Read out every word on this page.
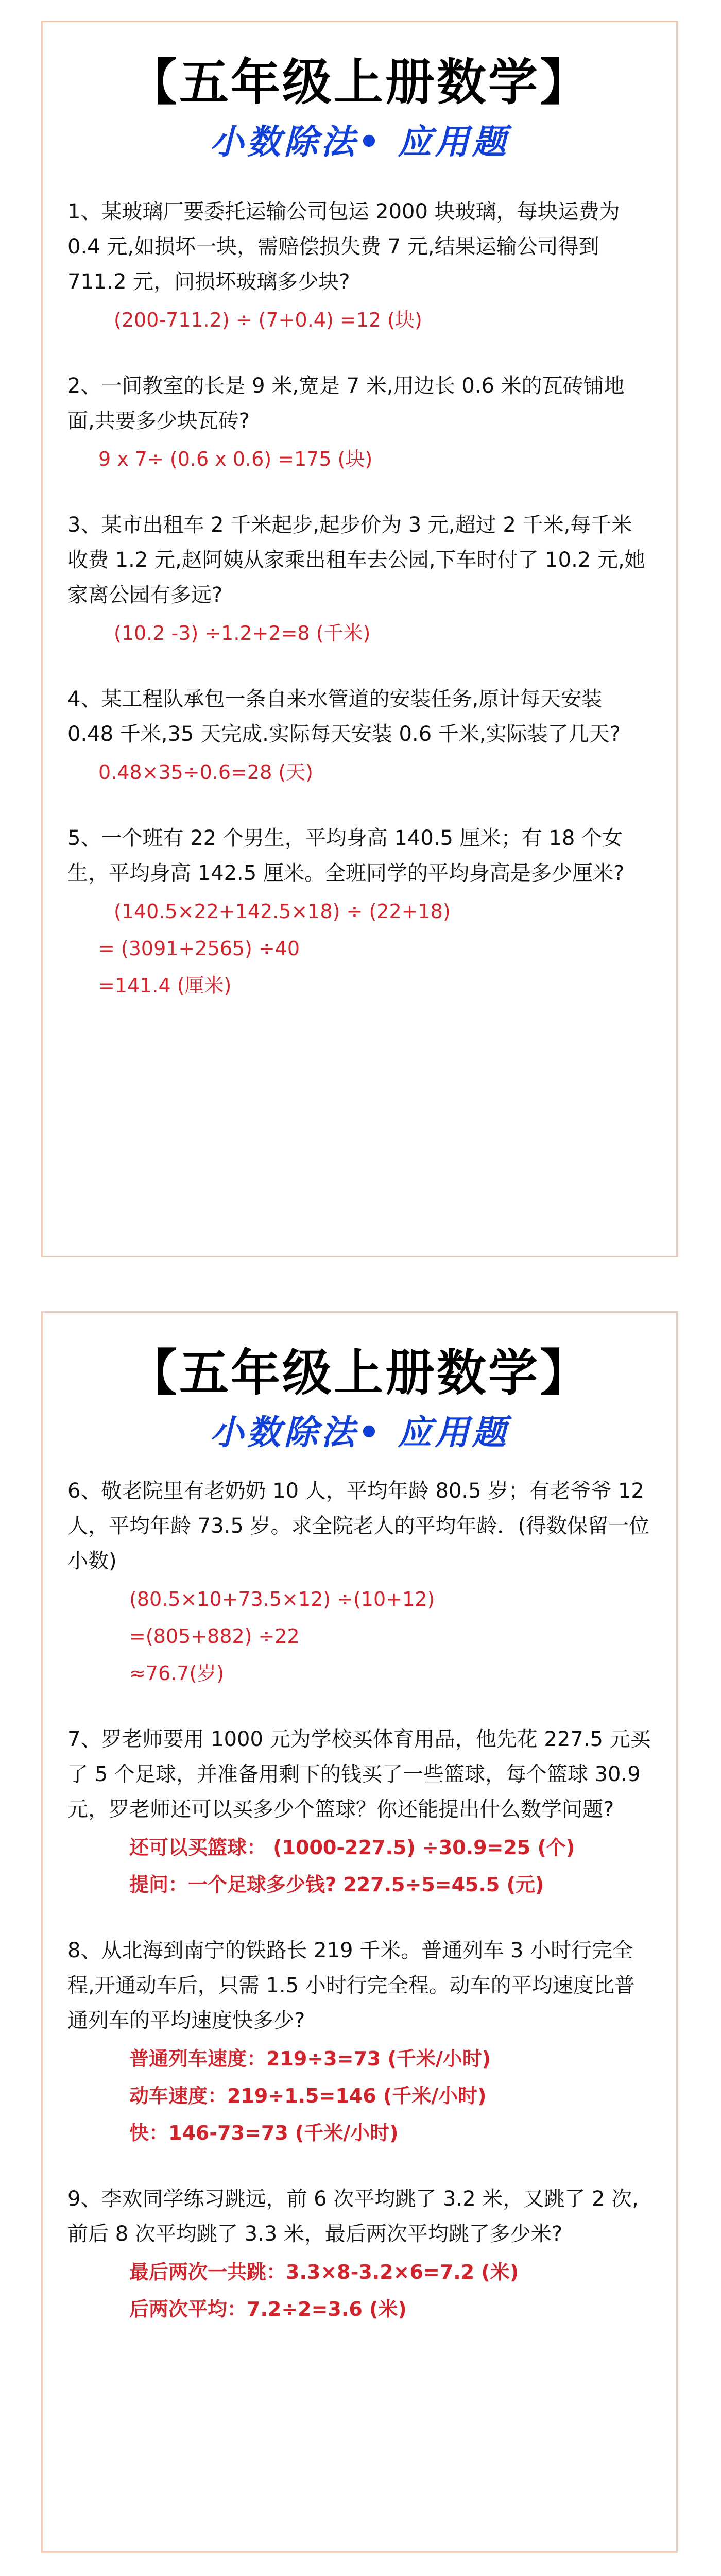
【五年级上册数学】
小数除法• 应用题

1、某玻璃厂要委托运输公司包运 2000 块玻璃，每块运费为 0.4 元,如损坏一块，需赔偿损失费 7 元,结果运输公司得到 711.2 元，问损坏玻璃多少块?

(200-711.2) ÷ (7+0.4) =12 (块)

2、一间教室的长是 9 米,宽是 7 米,用边长 0.6 米的瓦砖铺地面,共要多少块瓦砖?

9 x 7÷ (0.6 x 0.6) =175 (块)

3、某市出租车 2 千米起步,起步价为 3 元,超过 2 千米,每千米收费 1.2 元,赵阿姨从家乘出租车去公园,下车时付了 10.2 元,她家离公园有多远?

(10.2 -3) ÷1.2+2=8 (千米)

4、某工程队承包一条自来水管道的安装任务,原计每天安装 0.48 千米,35 天完成.实际每天安装 0.6 千米,实际装了几天?

0.48×35÷0.6=28 (天)

5、一个班有 22 个男生，平均身高 140.5 厘米；有 18 个女生，平均身高 142.5 厘米。全班同学的平均身高是多少厘米?

(140.5×22+142.5×18) ÷ (22+18)

= (3091+2565) ÷40

=141.4 (厘米)

【五年级上册数学】
小数除法• 应用题

6、敬老院里有老奶奶 10 人，平均年龄 80.5 岁；有老爷爷 12 人，平均年龄 73.5 岁。求全院老人的平均年龄．(得数保留一位小数)

(80.5×10+73.5×12) ÷(10+12)

=(805+882) ÷22

≈76.7(岁)

7、罗老师要用 1000 元为学校买体育用品，他先花 227.5 元买了 5 个足球，并准备用剩下的钱买了一些篮球，每个篮球 30.9 元，罗老师还可以买多少个篮球？你还能提出什么数学问题?

还可以买篮球： (1000-227.5) ÷30.9=25 (个)

提问：一个足球多少钱? 227.5÷5=45.5 (元)

8、从北海到南宁的铁路长 219 千米。普通列车 3 小时行完全程,开通动车后，只需 1.5 小时行完全程。动车的平均速度比普通列车的平均速度快多少?

普通列车速度：219÷3=73 (千米/小时)

动车速度：219÷1.5=146 (千米/小时)

快：146-73=73 (千米/小时)

9、李欢同学练习跳远，前 6 次平均跳了 3.2 米，又跳了 2 次,前后 8 次平均跳了 3.3 米，最后两次平均跳了多少米?

最后两次一共跳：3.3×8-3.2×6=7.2 (米)

后两次平均：7.2÷2=3.6 (米)
